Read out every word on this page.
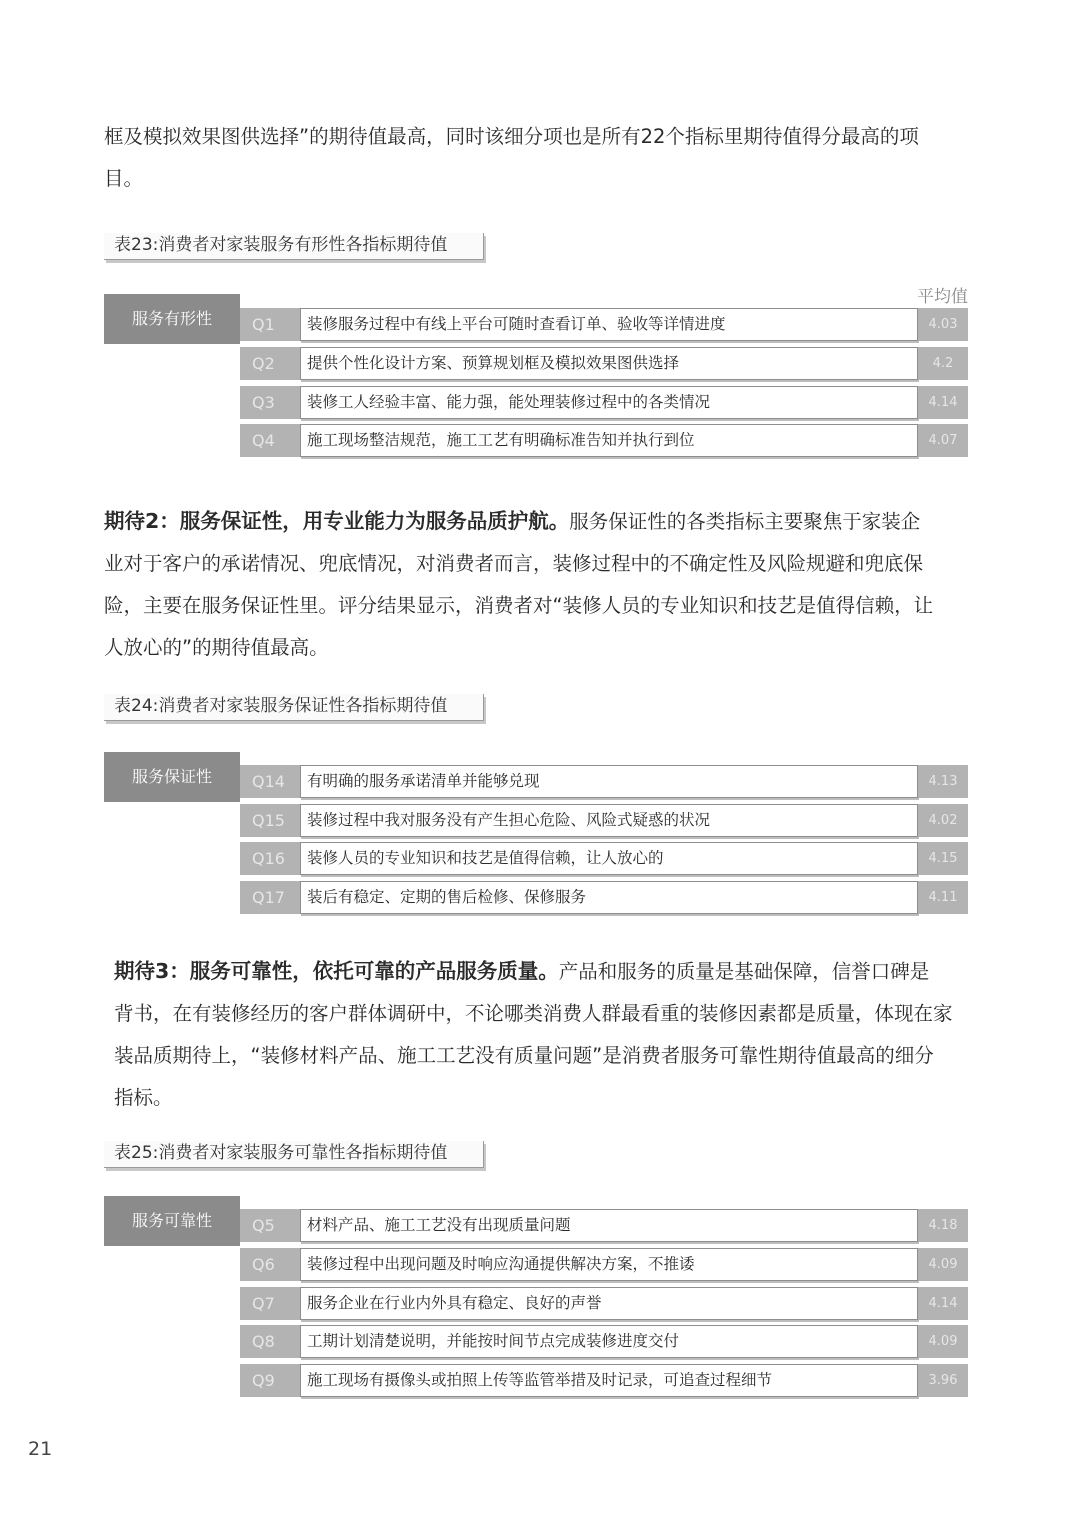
框及模拟效果图供选择”的期待值最高，同时该细分项也是所有22个指标里期待值得分最高的项
目。
表23:消费者对家装服务有形性各指标期待值
平均值
服务有形性	Q1	装修服务过程中有线上平台可随时查看订单、验收等详情进度	4.03
Q2	提供个性化设计方案、预算规划框及模拟效果图供选择	4.2
Q3	装修工人经验丰富、能力强，能处理装修过程中的各类情况	4.14
Q4	施工现场整洁规范，施工工艺有明确标准告知并执行到位	4.07
期待2：服务保证性，用专业能力为服务品质护航。服务保证性的各类指标主要聚焦于家装企
业对于客户的承诺情况、兜底情况，对消费者而言，装修过程中的不确定性及风险规避和兜底保
险，主要在服务保证性里。评分结果显示，消费者对“装修人员的专业知识和技艺是值得信赖，让
人放心的”的期待值最高。
表24:消费者对家装服务保证性各指标期待值
服务保证性	Q14	有明确的服务承诺清单并能够兑现	4.13
Q15	装修过程中我对服务没有产生担心危险、风险式疑惑的状况	4.02
Q16	装修人员的专业知识和技艺是值得信赖，让人放心的	4.15
Q17	装后有稳定、定期的售后检修、保修服务	4.11
期待3：服务可靠性，依托可靠的产品服务质量。产品和服务的质量是基础保障，信誉口碑是
背书，在有装修经历的客户群体调研中，不论哪类消费人群最看重的装修因素都是质量，体现在家
装品质期待上，“装修材料产品、施工工艺没有质量问题”是消费者服务可靠性期待值最高的细分
指标。
表25:消费者对家装服务可靠性各指标期待值
服务可靠性	Q5	材料产品、施工工艺没有出现质量问题	4.18
Q6	装修过程中出现问题及时响应沟通提供解决方案，不推诿	4.09
Q7	服务企业在行业内外具有稳定、良好的声誉	4.14
Q8	工期计划清楚说明，并能按时间节点完成装修进度交付	4.09
Q9	施工现场有摄像头或拍照上传等监管举措及时记录，可追查过程细节	3.96
21
